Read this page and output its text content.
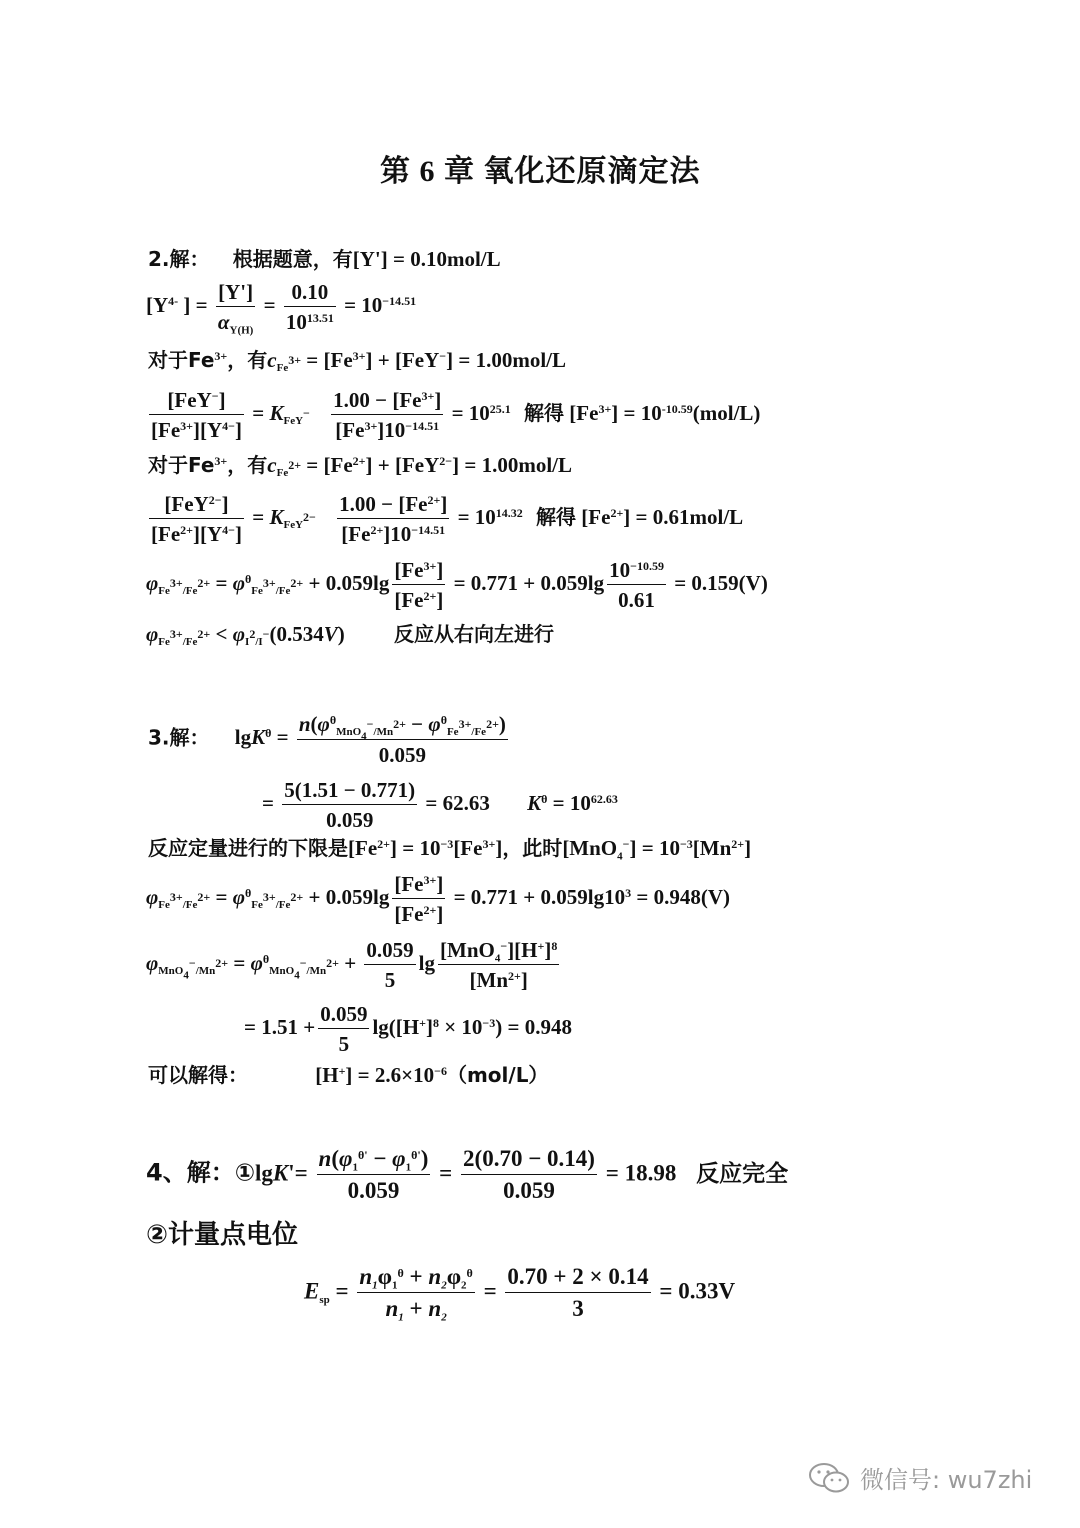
第 6 章 氧化还原滴定法
2.解： 根据题意，有[Y'] = 0.10mol/L
[$Y^{4-}$ ] = $\frac{[Y']}{\alpha_{Y(H)}} = \frac{0.10}{10^{13.51}} = 10^{-14.51}$
对于$Fe^{3+}$，有$c_{Fe^{3+}} = [Fe^{3+}] + [FeY^-] = 1.00mol/L$
$\frac{[FeY^-]}{[Fe^{3+}][Y^{4-}]} = K_{FeY^-} \frac{1.00 - [Fe^{3+}]}{[Fe^{3+}]10^{-14.51}} = 10^{25.1}$ 解得 $[Fe^{3+}] = 10^{-10.59}(mol/L)$
对于$Fe^{3+}$，有$c_{Fe^{2+}} = [Fe^{2+}] + [FeY^{2-}] = 1.00mol/L$
$\frac{[FeY^{2-}]}{[Fe^{2+}][Y^{4-}]} = K_{FeY^{2-}} \frac{1.00 - [Fe^{2+}]}{[Fe^{2+}]10^{-14.51}} = 10^{14.32}$ 解得 $[Fe^{2+}] = 0.61mol/L$
$\varphi_{Fe^{3+}/Fe^{2+}} = \varphi^\theta_{Fe^{3+}/Fe^{2+}} + 0.059\lg \frac{[Fe^{3+}]}{[Fe^{2+}]} = 0.771 + 0.059\lg \frac{10^{-10.59}}{0.61} = 0.159(V)$
$\varphi_{Fe^{3+}/Fe^{2+}} < \varphi_{I^2/I^-}(0.534V)$ 反应从右向左进行
3.解： $\lg K^\theta = \frac{n(\varphi^\theta_{MnO_4^-/Mn^{2+}} - \varphi^\theta_{Fe^{3+}/Fe^{2+}})}{0.059}$
= $\frac{5(1.51 - 0.771)}{0.059} = 62.63$ $K^\theta = 10^{62.63}$
反应定量进行的下限是$[Fe^{2+}] = 10^{-3}[Fe^{3+}]$，此时$[MnO_4^-] = 10^{-3}[Mn^{2+}]$
$\varphi_{Fe^{3+}/Fe^{2+}} = \varphi^\theta_{Fe^{3+}/Fe^{2+}} + 0.059\lg \frac{[Fe^{3+}]}{[Fe^{2+}]} = 0.771 + 0.059\lg 10^3 = 0.948(V)$
$\varphi_{MnO_4^-/Mn^{2+}} = \varphi^\theta_{MnO_4^-/Mn^{2+}} + \frac{0.059}{5}$ $\lg \frac{[MnO_4^-][H^+]^8}{[Mn^{2+}]}$
= $1.51 + \frac{0.059}{5} \lg([H^+]^8 \times 10^{-3}) = 0.948$
可以解得：	$[H^+] = 2.6\times 10^{-6}(mol/L)$
4、解：①lgK'= $\frac{n(\varphi_1^{\theta'} - \varphi_1^{\theta'})}{0.059} = \frac{2(0.70 - 0.14)}{0.059} = 18.98$ 反应完全
②计量点电位
$E_{sp} = \frac{n_1\varphi_1^\theta + n_2\varphi_2^\theta}{n_1 + n_2} = \frac{0.70 + 2 \times 0.14}{3} = 0.33V$
微信号: wu7zhi
